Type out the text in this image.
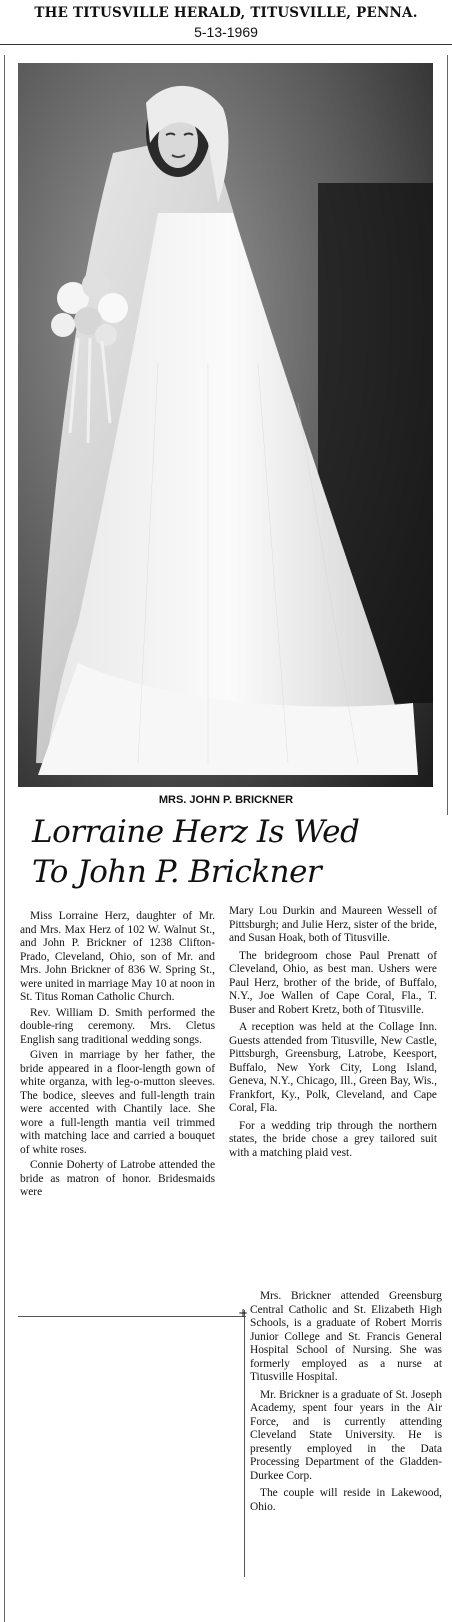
THE TITUSVILLE HERALD, TITUSVILLE, PENNA.
5-13-1969
MRS. JOHN P. BRICKNER
Lorraine Herz Is Wed
To John P. Brickner

Miss Lorraine Herz, daughter of Mr. and Mrs. Max Herz of 102 W. Walnut St., and John P. Brickner of 1238 Clifton-Prado, Cleveland, Ohio, son of Mr. and Mrs. John Brickner of 836 W. Spring St., were united in marriage May 10 at noon in St. Titus Roman Catholic Church.

Rev. William D. Smith performed the double-ring ceremony. Mrs. Cletus English sang traditional wedding songs.

Given in marriage by her father, the bride appeared in a floor-length gown of white organza, with leg-o-mutton sleeves. The bodice, sleeves and full-length train were accented with Chantily lace. She wore a full-length mantia veil trimmed with matching lace and carried a bouquet of white roses.

Connie Doherty of Latrobe attended the bride as matron of honor. Bridesmaids were

Mary Lou Durkin and Maureen Wessell of Pittsburgh; and Julie Herz, sister of the bride, and Susan Hoak, both of Titusville.

The bridegroom chose Paul Prenatt of Cleveland, Ohio, as best man. Ushers were Paul Herz, brother of the bride, of Buffalo, N.Y., Joe Wallen of Cape Coral, Fla., T. Buser and Robert Kretz, both of Titusville.

A reception was held at the Collage Inn. Guests attended from Titusville, New Castle, Pittsburgh, Greensburg, Latrobe, Keesport, Buffalo, New York City, Long Island, Geneva, N.Y., Chicago, Ill., Green Bay, Wis., Frankfort, Ky., Polk, Cleveland, and Cape Coral, Fla.

For a wedding trip through the northern states, the bride chose a grey tailored suit with a matching plaid vest.

+

Mrs. Brickner attended Greensburg Central Catholic and St. Elizabeth High Schools, is a graduate of Robert Morris Junior College and St. Francis General Hospital School of Nursing. She was formerly employed as a nurse at Titusville Hospital.

Mr. Brickner is a graduate of St. Joseph Academy, spent four years in the Air Force, and is currently attending Cleveland State University. He is presently employed in the Data Processing Department of the Gladden-Durkee Corp.

The couple will reside in Lakewood, Ohio.
